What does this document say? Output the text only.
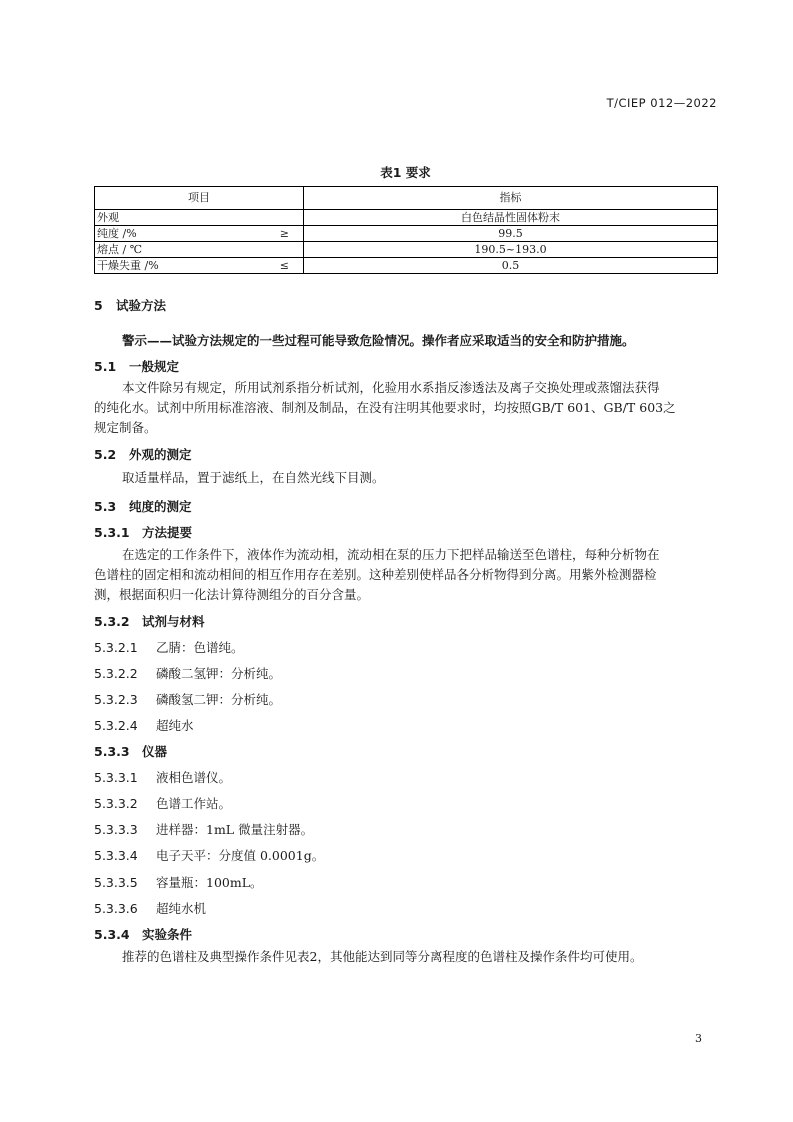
T/CIEP 012—2022
表1 要求
项目	指标

外观	白色结晶性固体粉末

纯度 /% ≥	99.5

熔点 / ℃	190.5~193.0

干燥失重 /% ≤	0.5
5 试验方法
警示——试验方法规定的一些过程可能导致危险情况。操作者应采取适当的安全和防护措施。
5.1 一般规定
本文件除另有规定，所用试剂系指分析试剂，化验用水系指反渗透法及离子交换处理或蒸馏法获得
的纯化水。试剂中所用标准溶液、制剂及制品，在没有注明其他要求时，均按照GB/T 601、GB/T 603之
规定制备。
5.2 外观的测定
取适量样品，置于滤纸上，在自然光线下目测。
5.3 纯度的测定
5.3.1 方法提要
在选定的工作条件下，液体作为流动相，流动相在泵的压力下把样品输送至色谱柱，每种分析物在
色谱柱的固定相和流动相间的相互作用存在差别。这种差别使样品各分析物得到分离。用紫外检测器检
测，根据面积归一化法计算待测组分的百分含量。
5.3.2 试剂与材料
5.3.2.1 乙腈：色谱纯。
5.3.2.2 磷酸二氢钾：分析纯。
5.3.2.3 磷酸氢二钾：分析纯。
5.3.2.4 超纯水
5.3.3 仪器
5.3.3.1 液相色谱仪。
5.3.3.2 色谱工作站。
5.3.3.3 进样器：1mL 微量注射器。
5.3.3.4 电子天平：分度值 0.0001g。
5.3.3.5 容量瓶：100mL。
5.3.3.6 超纯水机
5.3.4 实验条件
推荐的色谱柱及典型操作条件见表2，其他能达到同等分离程度的色谱柱及操作条件均可使用。
3
